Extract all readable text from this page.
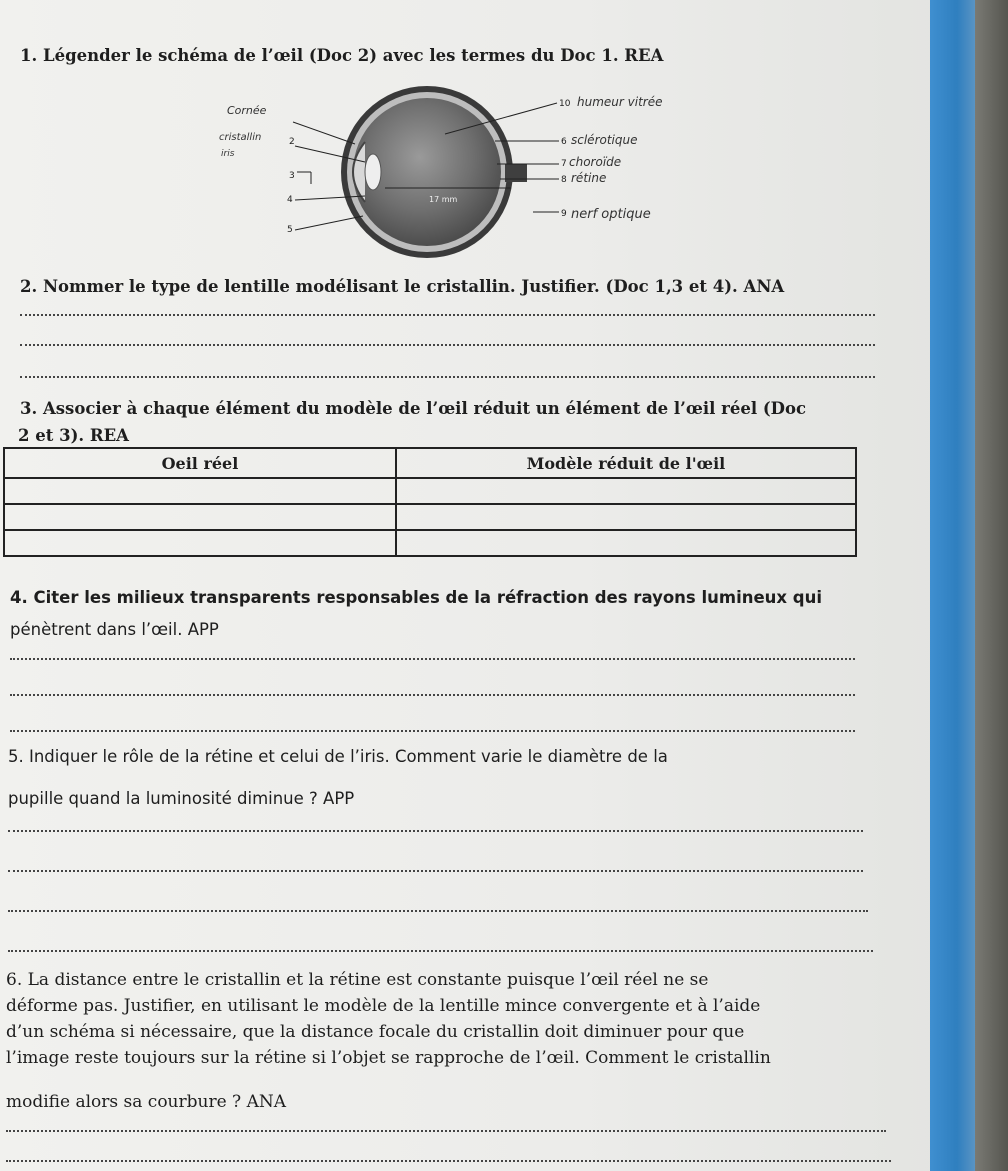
1. Légender le schéma de l’œil (Doc 2) avec les termes du Doc 1. REA
17 mm
Cornée
cristallin	2
iris
3
4
5
10 humeur vitrée
6 sclérotique
7 choroïde
8 rétine
9 nerf optique
2. Nommer le type de lentille modélisant le cristallin. Justifier. (Doc 1,3 et 4). ANA
3. Associer à chaque élément du modèle de l’œil réduit un élément de l’œil réel (Doc
2 et 3). REA
Oeil réel	Modèle réduit de l'œil

4. Citer les milieux transparents responsables de la réfraction des rayons lumineux qui
pénètrent dans l’œil. APP
5. Indiquer le rôle de la rétine et celui de l’iris. Comment varie le diamètre de la
pupille quand la luminosité diminue ? APP
6. La distance entre le cristallin et la rétine est constante puisque l’œil réel ne se
déforme pas. Justifier, en utilisant le modèle de la lentille mince convergente et à l’aide
d’un schéma si nécessaire, que la distance focale du cristallin doit diminuer pour que
l’image reste toujours sur la rétine si l’objet se rapproche de l’œil. Comment le cristallin
modifie alors sa courbure ? ANA
